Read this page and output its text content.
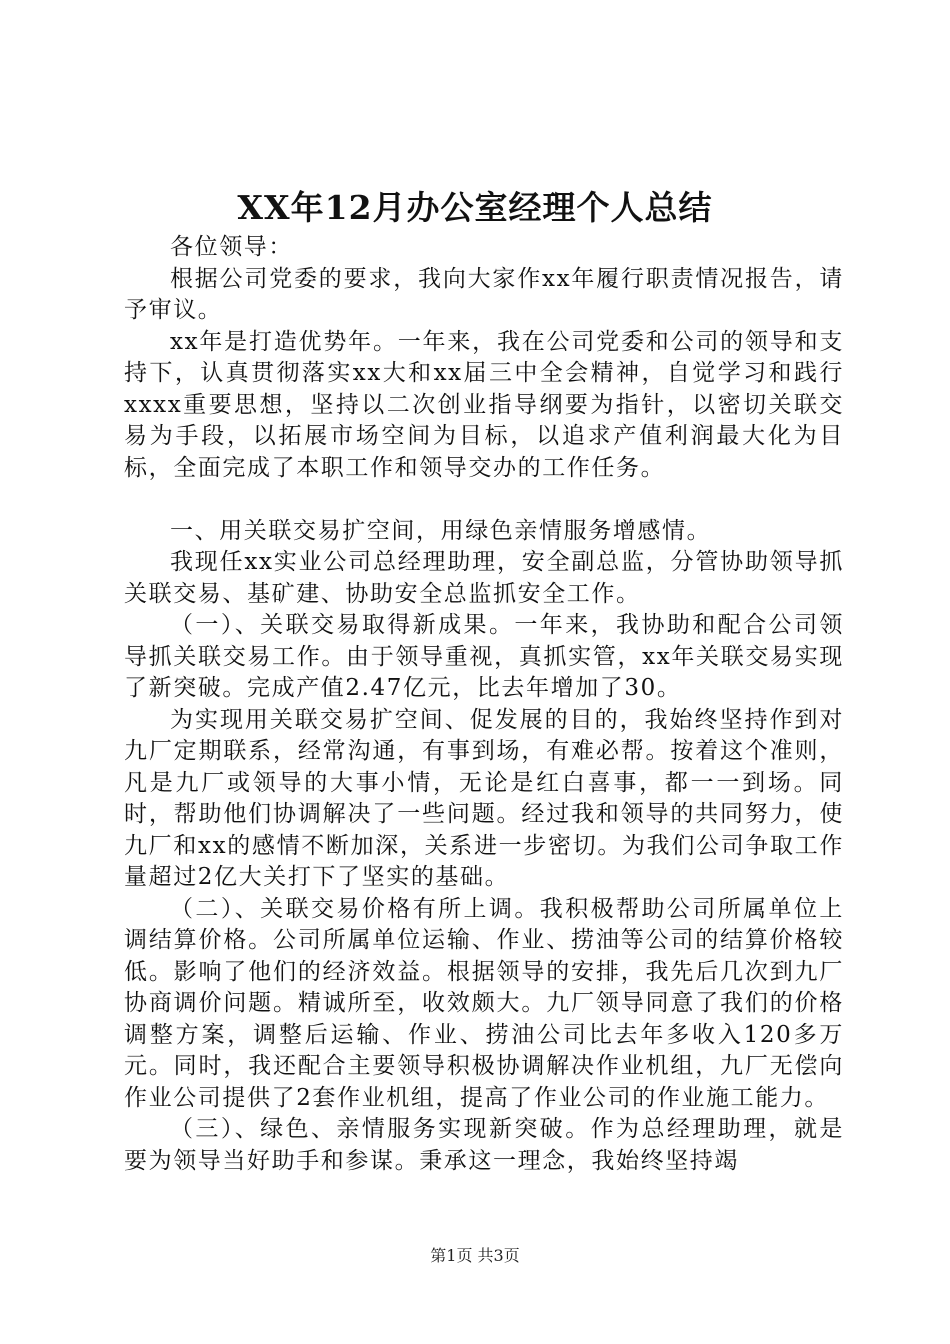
XX年12月办公室经理个人总结

各位领导：

根据公司党委的要求，我向大家作xx年履行职责情况报告，请予审议。

xx年是打造优势年。一年来，我在公司党委和公司的领导和支持下，认真贯彻落实xx大和xx届三中全会精神，自觉学习和践行xxxx重要思想，坚持以二次创业指导纲要为指针，以密切关联交易为手段，以拓展市场空间为目标，以追求产值利润最大化为目标，全面完成了本职工作和领导交办的工作任务。

一、用关联交易扩空间，用绿色亲情服务增感情。

我现任xx实业公司总经理助理，安全副总监，分管协助领导抓关联交易、基矿建、协助安全总监抓安全工作。

（一）、关联交易取得新成果。一年来，我协助和配合公司领导抓关联交易工作。由于领导重视，真抓实管，xx年关联交易实现了新突破。完成产值2.47亿元，比去年增加了30。

为实现用关联交易扩空间、促发展的目的，我始终坚持作到对九厂定期联系，经常沟通，有事到场，有难必帮。按着这个准则，凡是九厂或领导的大事小情，无论是红白喜事，都一一到场。同时，帮助他们协调解决了一些问题。经过我和领导的共同努力，使九厂和xx的感情不断加深，关系进一步密切。为我们公司争取工作量超过2亿大关打下了坚实的基础。

（二）、关联交易价格有所上调。我积极帮助公司所属单位上调结算价格。公司所属单位运输、作业、捞油等公司的结算价格较低。影响了他们的经济效益。根据领导的安排，我先后几次到九厂协商调价问题。精诚所至，收效颇大。九厂领导同意了我们的价格调整方案，调整后运输、作业、捞油公司比去年多收入120多万元。同时，我还配合主要领导积极协调解决作业机组，九厂无偿向作业公司提供了2套作业机组，提高了作业公司的作业施工能力。

（三）、绿色、亲情服务实现新突破。作为总经理助理，就是要为领导当好助手和参谋。秉承这一理念，我始终坚持竭

第1页 共3页
